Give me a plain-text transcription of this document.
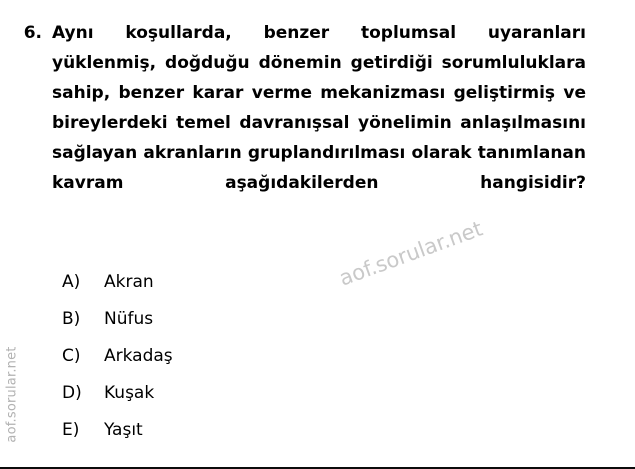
6. Aynı koşullarda, benzer toplumsal uyaranları yüklenmiş, doğduğu dönemin getirdiği sorumluluklara sahip, benzer karar verme mekanizması geliştirmiş ve bireylerdeki temel davranışsal yönelimin anlaşılmasını sağlayan akranların gruplandırılması olarak tanımlanan kavram aşağıdakilerden hangisidir?
A)	Akran
B)	Nüfus
C)	Arkadaş
D)	Kuşak
E)	Yaşıt
aof.sorular.net
aof.sorular.net
